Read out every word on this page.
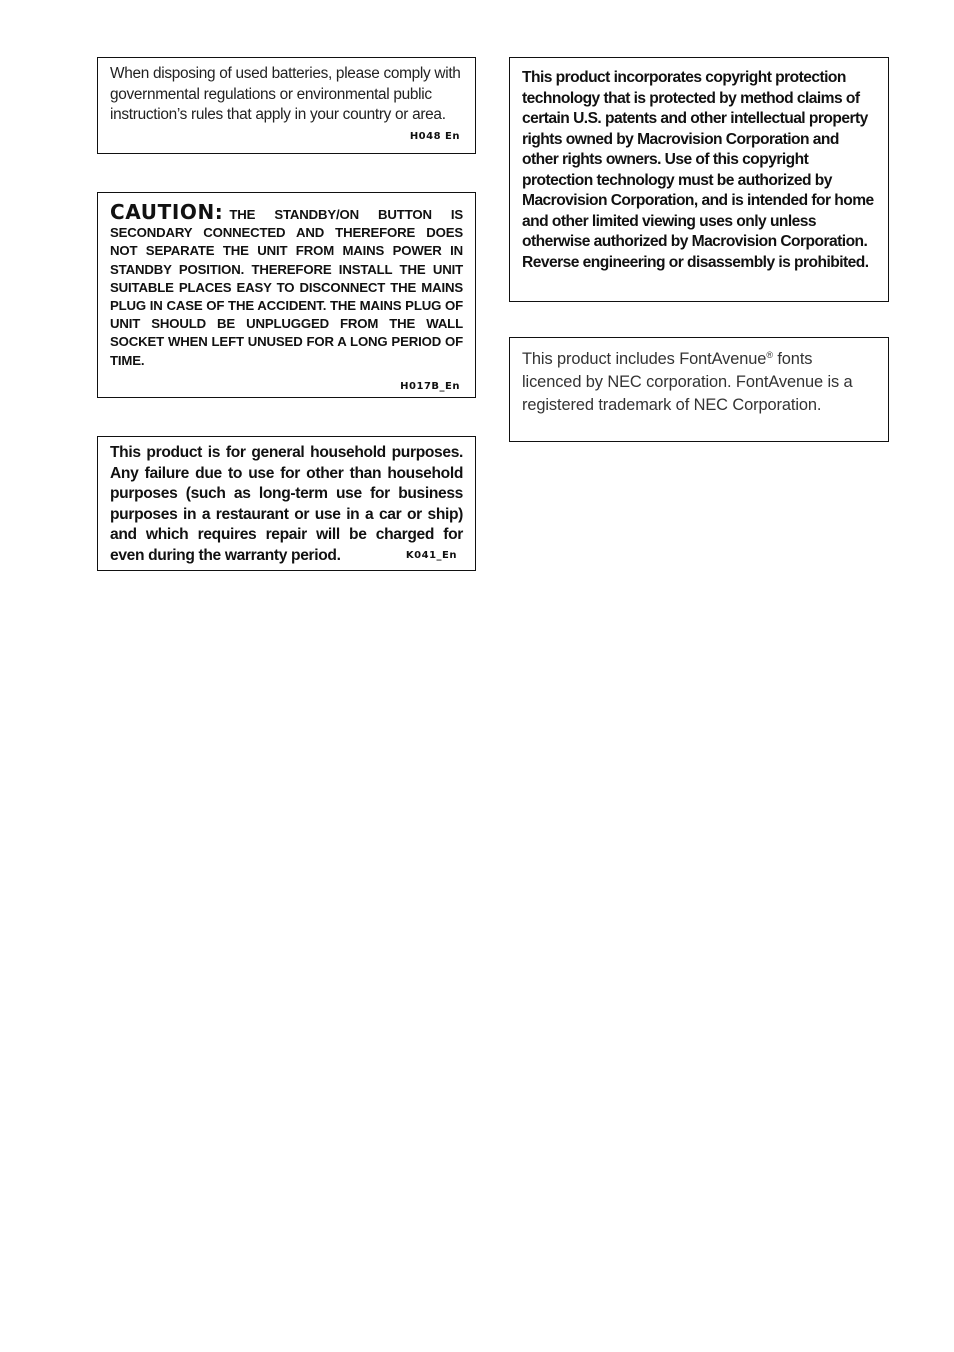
When disposing of used batteries, please comply with governmental regulations or environmental public instruction’s rules that apply in your country or area.
H048 En
CAUTION: THE STANDBY/ON BUTTON IS SECONDARY CONNECTED AND THEREFORE DOES NOT SEPARATE THE UNIT FROM MAINS POWER IN STANDBY POSITION. THEREFORE INSTALL THE UNIT SUITABLE PLACES EASY TO DISCONNECT THE MAINS PLUG IN CASE OF THE ACCIDENT. THE MAINS PLUG OF UNIT SHOULD BE UNPLUGGED FROM THE WALL SOCKET WHEN LEFT UNUSED FOR A LONG PERIOD OF TIME.
H017B_En
This product is for general household purposes. Any failure due to use for other than household purposes (such as long-term use for business purposes in a restaurant or use in a car or ship) and which requires repair will be charged for even during the warranty period.	K041_En
This product incorporates copyright protection technology that is protected by method claims of certain U.S. patents and other intellectual property rights owned by Macrovision Corporation and other rights owners. Use of this copyright protection technology must be authorized by Macrovision Corporation, and is intended for home and other limited viewing uses only unless otherwise authorized by Macrovision Corporation. Reverse engineering or disassembly is prohibited.
This product includes FontAvenue® fonts licenced by NEC corporation. FontAvenue is a registered trademark of NEC Corporation.
